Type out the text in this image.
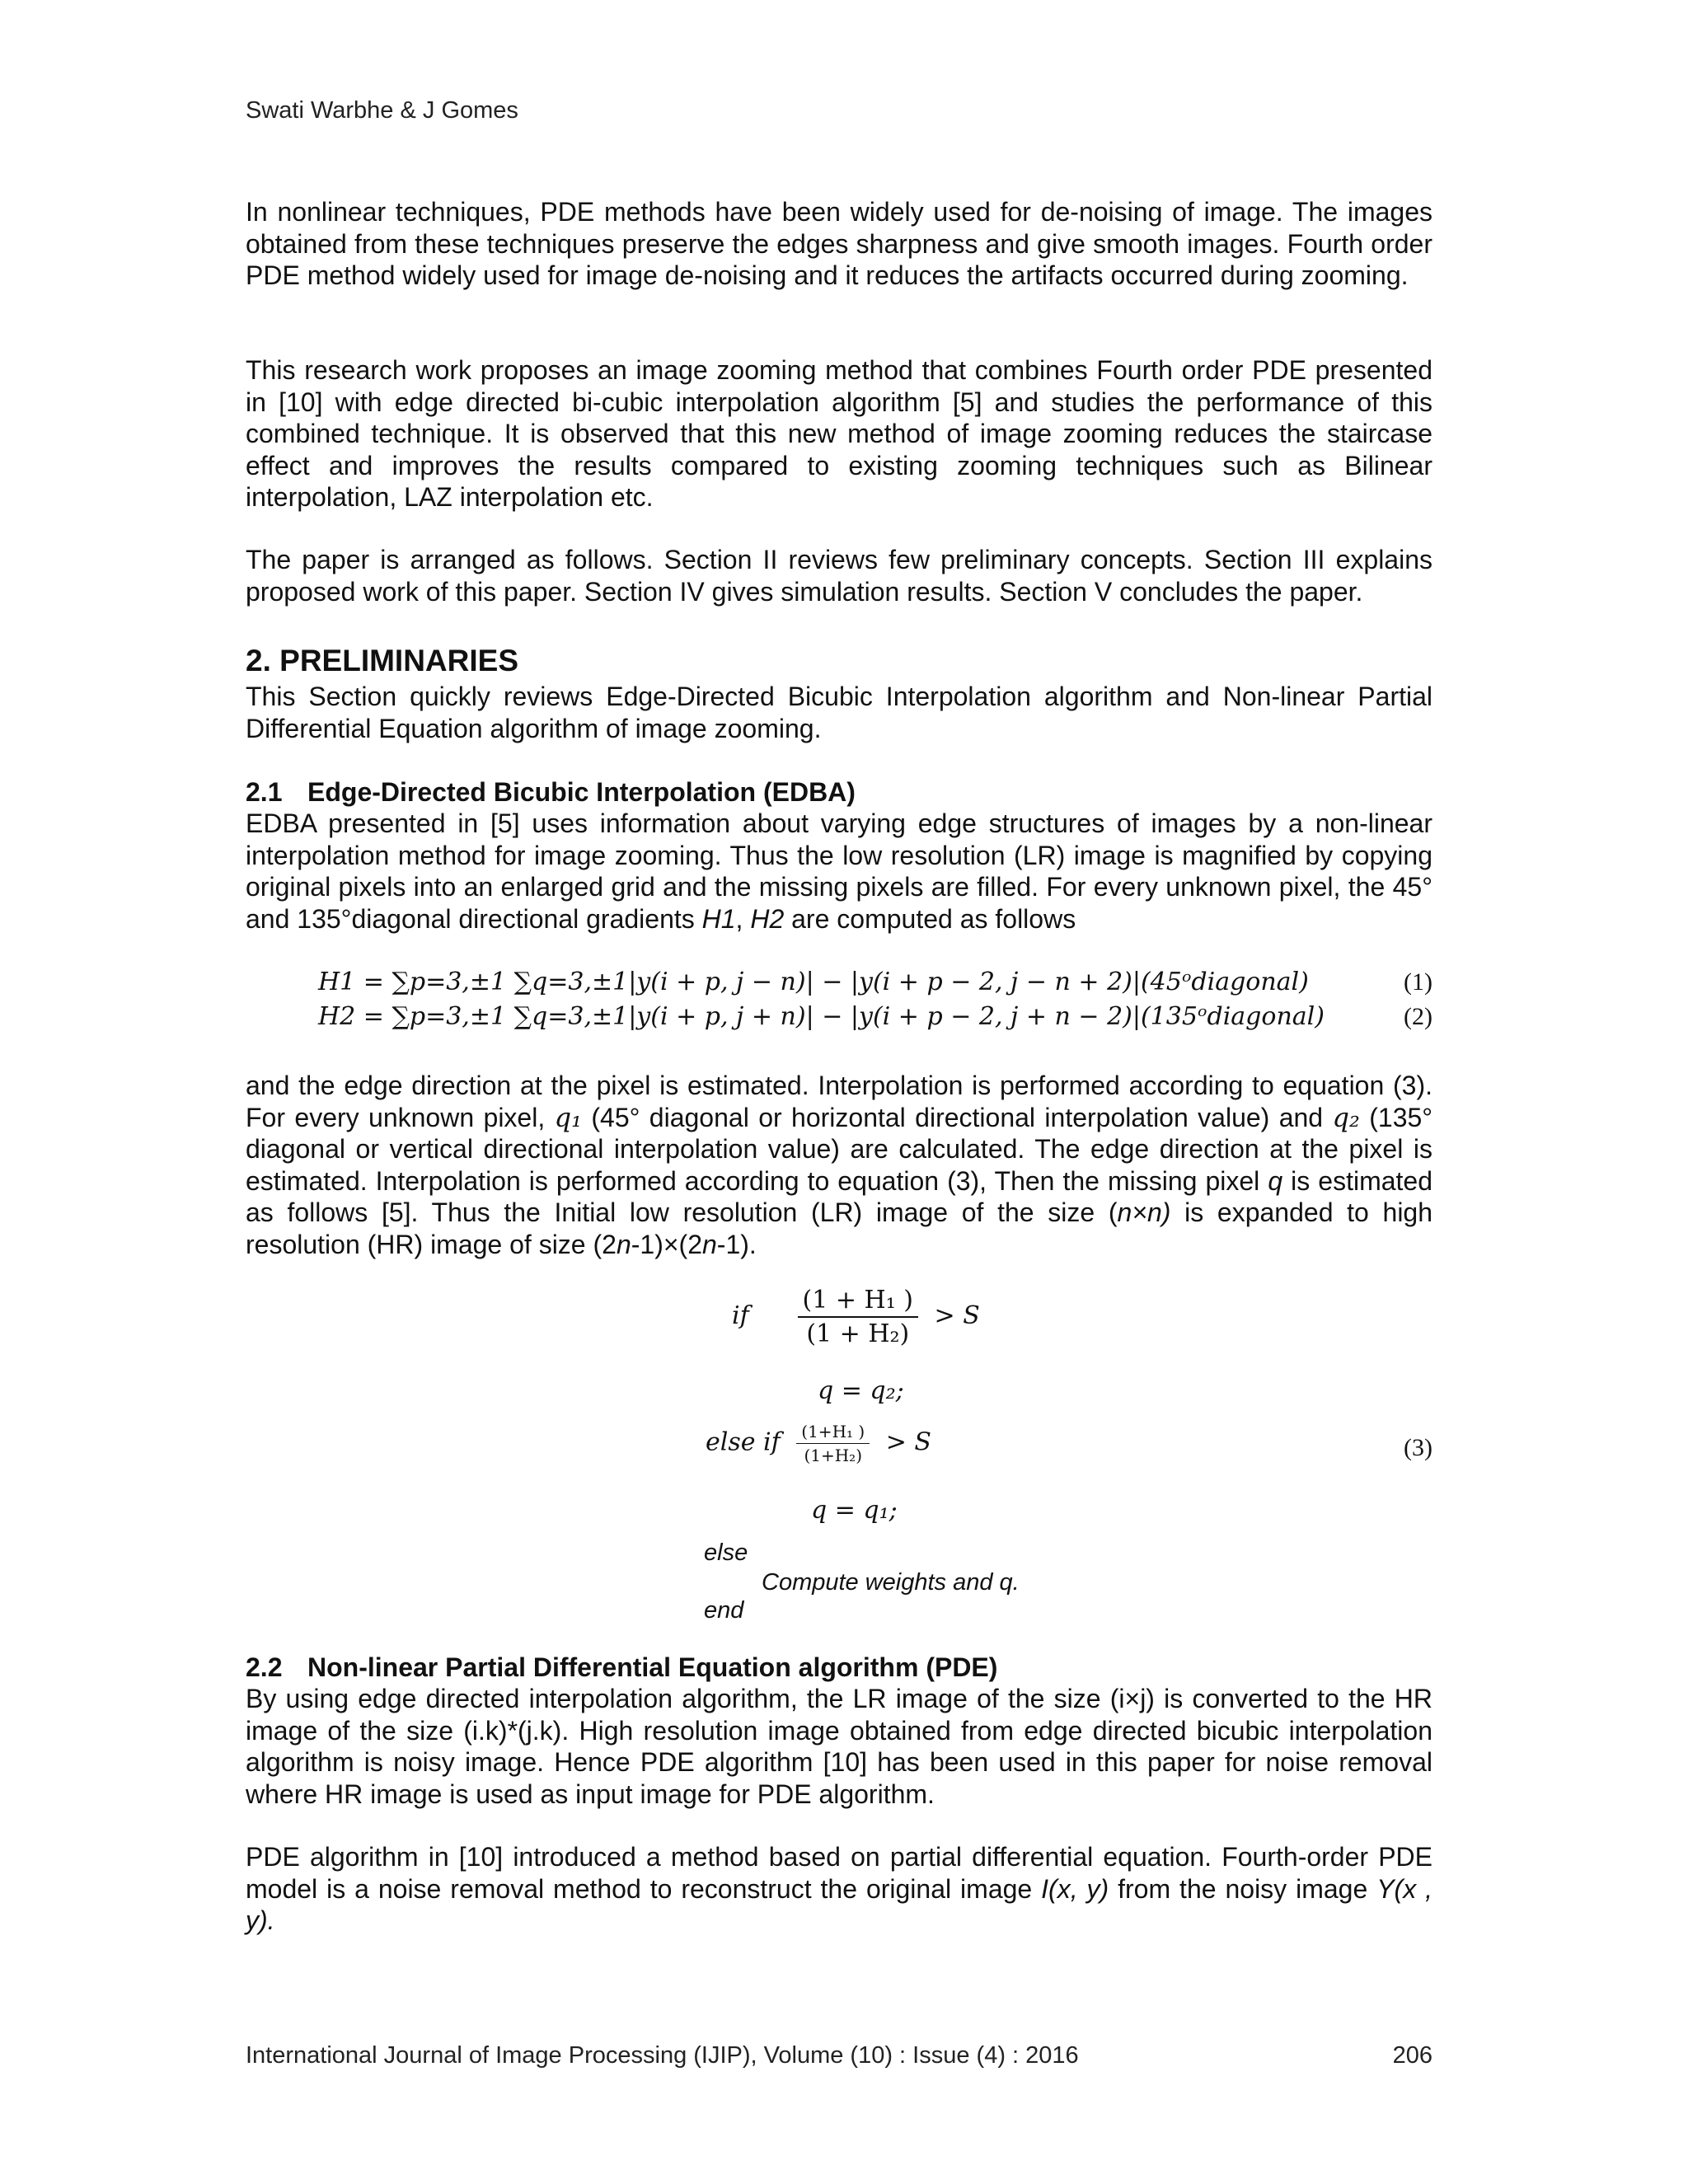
Swati Warbhe & J Gomes

In nonlinear techniques, PDE methods have been widely used for de-noising of image. The images obtained from these techniques preserve the edges sharpness and give smooth images. Fourth order PDE method widely used for image de-noising and it reduces the artifacts occurred during zooming.

This research work proposes an image zooming method that combines Fourth order PDE presented in [10] with edge directed bi-cubic interpolation algorithm [5] and studies the performance of this combined technique. It is observed that this new method of image zooming reduces the staircase effect and improves the results compared to existing zooming techniques such as Bilinear interpolation, LAZ interpolation etc.

The paper is arranged as follows. Section II reviews few preliminary concepts. Section III explains proposed work of this paper. Section IV gives simulation results. Section V concludes the paper.

2. PRELIMINARIES

This Section quickly reviews Edge-Directed Bicubic Interpolation algorithm and Non-linear Partial Differential Equation algorithm of image zooming.

2.1 Edge-Directed Bicubic Interpolation (EDBA)

EDBA presented in [5] uses information about varying edge structures of images by a non-linear interpolation method for image zooming. Thus the low resolution (LR) image is magnified by copying original pixels into an enlarged grid and the missing pixels are filled. For every unknown pixel, the 45° and 135°diagonal directional gradients H1, H2 are computed as follows

H1 = ∑p=3,±1 ∑q=3,±1|y(i + p, j − n)| − |y(i + p − 2, j − n + 2)|(45ᵒdiagonal)	(1)
H2 = ∑p=3,±1 ∑q=3,±1|y(i + p, j + n)| − |y(i + p − 2, j + n − 2)|(135ᵒdiagonal)	(2)

and the edge direction at the pixel is estimated. Interpolation is performed according to equation (3). For every unknown pixel, q₁ (45° diagonal or horizontal directional interpolation value) and q₂ (135° diagonal or vertical directional interpolation value) are calculated. The edge direction at the pixel is estimated. Interpolation is performed according to equation (3), Then the missing pixel q is estimated as follows [5]. Thus the Initial low resolution (LR) image of the size (n×n) is expanded to high resolution (HR) image of size (2n-1)×(2n-1).

if $\frac{\text{(1 + H₁ )}}{\text{(1 + H₂)}} > S$
q = q₂;
else if $\frac{\text{(1+H₁ )}}{\text{(1+H₂)}} > S$	(3)
q = q₁;
else
Compute weights and q.
end
2.2 Non-linear Partial Differential Equation algorithm (PDE)

By using edge directed interpolation algorithm, the LR image of the size (i×j) is converted to the HR image of the size (i.k)*(j.k). High resolution image obtained from edge directed bicubic interpolation algorithm is noisy image. Hence PDE algorithm [10] has been used in this paper for noise removal where HR image is used as input image for PDE algorithm.

PDE algorithm in [10] introduced a method based on partial differential equation. Fourth-order PDE model is a noise removal method to reconstruct the original image I(x, y) from the noisy image Y(x , y).

International Journal of Image Processing (IJIP), Volume (10) : Issue (4) : 2016	206
